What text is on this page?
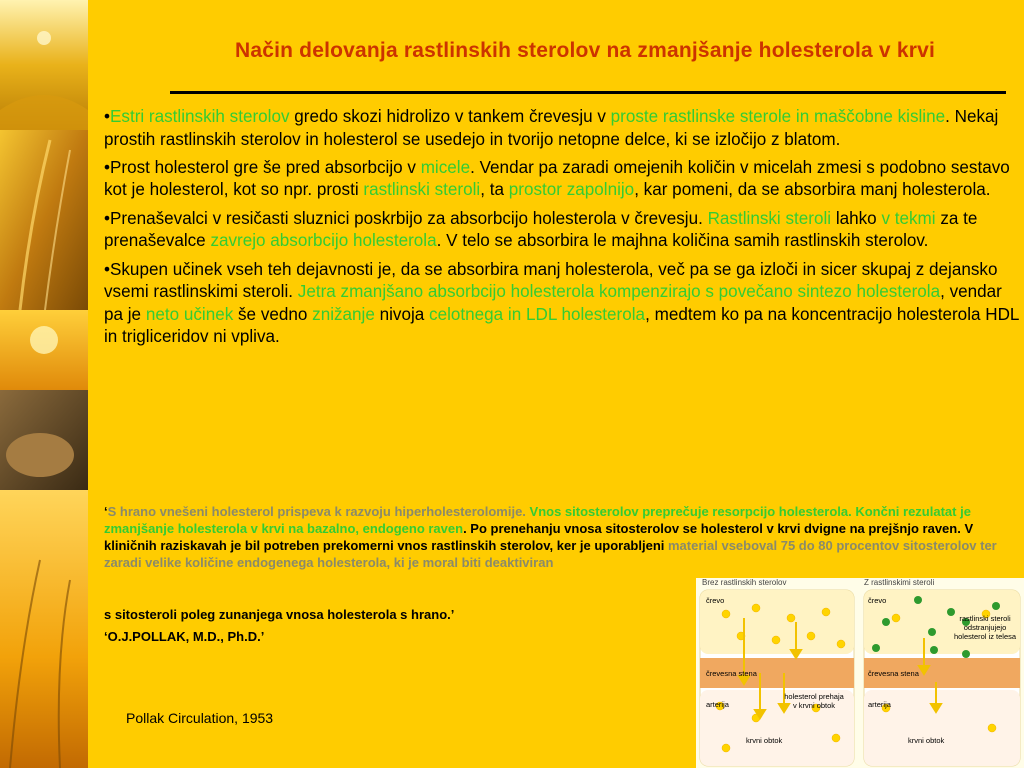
Način delovanja rastlinskih sterolov na zmanjšanje holesterola v krvi

•Estri rastlinskih sterolov gredo skozi hidrolizo v tankem črevesju v proste rastlinske sterole in maščobne kisline. Nekaj prostih rastlinskih sterolov in holesterol se usedejo in tvorijo netopne delce, ki se izločijo z blatom.

•Prost holesterol gre še pred absorbcijo v micele. Vendar pa zaradi omejenih količin v micelah zmesi s podobno sestavo kot je holesterol, kot so npr. prosti rastlinski steroli, ta prostor zapolnijo, kar pomeni, da se absorbira manj holesterola.

•Prenaševalci v resičasti sluznici poskrbijo za absorbcijo holesterola v črevesju. Rastlinski steroli lahko v tekmi za te prenaševalce zavrejo absorbcijo holesterola. V telo se absorbira le majhna količina samih rastlinskih sterolov.

•Skupen učinek vseh teh dejavnosti je, da se absorbira manj holesterola, več pa se ga izloči in sicer skupaj z dejansko vsemi rastlinskimi steroli. Jetra zmanjšano absorbcijo holesterola kompenzirajo s povečano sintezo holesterola, vendar pa je neto učinek še vedno znižanje nivoja celotnega in LDL holesterola, medtem ko pa na koncentracijo holesterola HDL in trigliceridov ni vpliva.

‘S hrano vnešeni holesterol prispeva k razvoju hiperholesterolomije. Vnos sitosterolov preprečuje resorpcijo holesterola. Končni rezulatat je zmanjšanje holesterola v krvi na bazalno, endogeno raven. Po prenehanju vnosa sitosterolov se holesterol v krvi dvigne na prejšnjo raven. V kliničnih raziskavah je bil potreben prekomerni vnos rastlinskih sterolov, ker je uporabljeni material vseboval 75 do 80 procentov sitosterolov ter zaradi velike količine endogenega holesterola, ki je moral biti deaktiviran
s sitosteroli poleg zunanjega vnosa holesterola s hrano.’
‘O.J.POLLAK, M.D., Ph.D.’
Pollak Circulation, 1953
Brez rastlinskih sterolov	Z rastlinskimi steroli
črevo	črevo
črevesna stena	črevesna stena
arterija	arterija
krvni obtok	krvni obtok
holesterol prehaja v krvni obtok
rastlinski steroli odstranjujejo holesterol iz telesa
